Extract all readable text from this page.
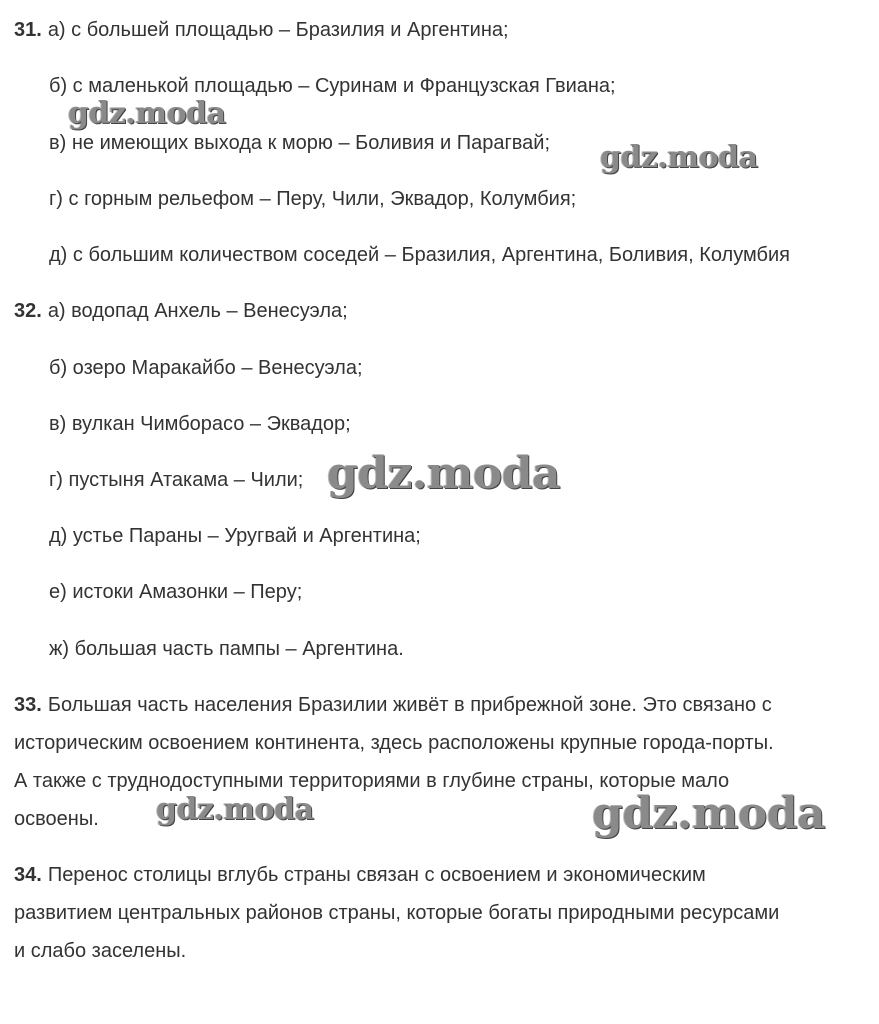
31. а) с большей площадью – Бразилия и Аргентина;
б) с маленькой площадью – Суринам и Французская Гвиана;
в) не имеющих выхода к морю – Боливия и Парагвай;
г) с горным рельефом – Перу, Чили, Эквадор, Колумбия;
д) с большим количеством соседей – Бразилия, Аргентина, Боливия, Колумбия
32. а) водопад Анхель – Венесуэла;
б) озеро Маракайбо – Венесуэла;
в) вулкан Чимборасо – Эквадор;
г) пустыня Атакама – Чили;
д) устье Параны – Уругвай и Аргентина;
е) истоки Амазонки – Перу;
ж) большая часть пампы – Аргентина.
33. Большая часть населения Бразилии живёт в прибрежной зоне. Это связано с
историческим освоением континента, здесь расположены крупные города-порты.
А также с труднодоступными территориями в глубине страны, которые мало
освоены.
34. Перенос столицы вглубь страны связан с освоением и экономическим
развитием центральных районов страны, которые богаты природными ресурсами
и слабо заселены.
gdz.moda
gdz.moda
gdz.moda
gdz.moda	gdz.moda
